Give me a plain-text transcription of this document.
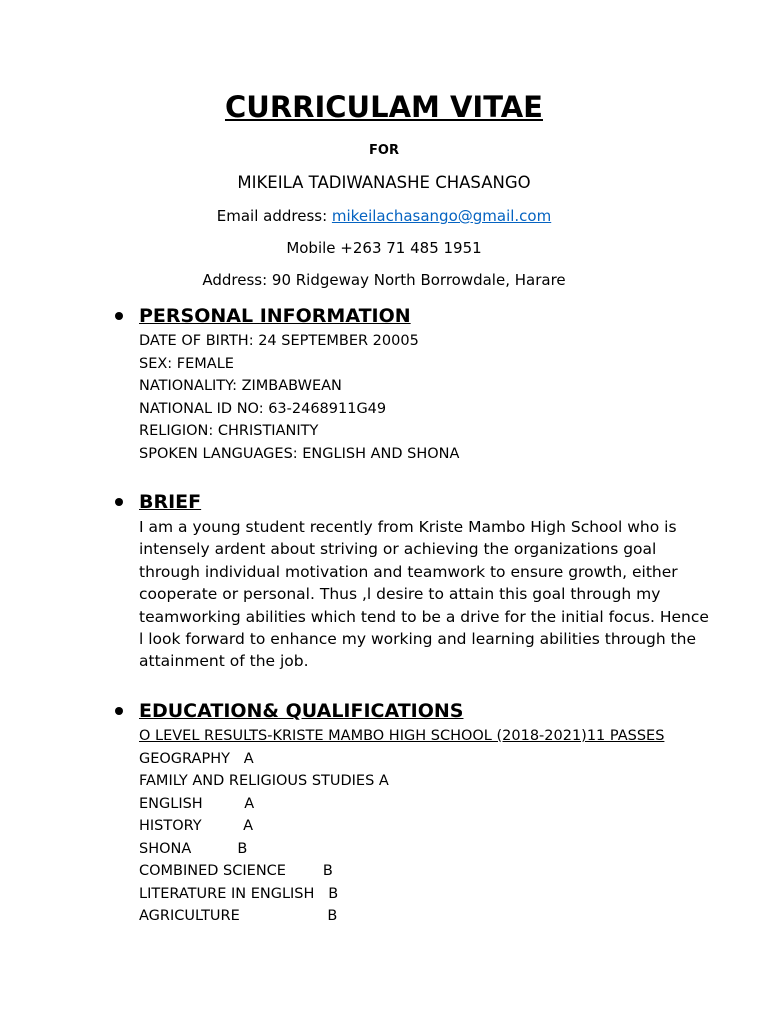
CURRICULAM VITAE
FOR
MIKEILA TADIWANASHE CHASANGO
Email address: mikeilachasango@gmail.com
Mobile +263 71 485 1951
Address: 90 Ridgeway North Borrowdale, Harare
PERSONAL INFORMATION
DATE OF BIRTH: 24 SEPTEMBER 20005
SEX: FEMALE
NATIONALITY: ZIMBABWEAN
NATIONAL ID NO: 63-2468911G49
RELIGION: CHRISTIANITY
SPOKEN LANGUAGES: ENGLISH AND SHONA
BRIEF
I am a young student recently from Kriste Mambo High School who is
intensely ardent about striving or achieving the organizations goal
through individual motivation and teamwork to ensure growth, either
cooperate or personal. Thus ,l desire to attain this goal through my
teamworking abilities which tend to be a drive for the initial focus. Hence
l look forward to enhance my working and learning abilities through the
attainment of the job.
EDUCATION& QUALIFICATIONS
O LEVEL RESULTS-KRISTE MAMBO HIGH SCHOOL (2018-2021)11 PASSES
GEOGRAPHY   A
FAMILY AND RELIGIOUS STUDIES A
ENGLISH         A
HISTORY         A
SHONA          B
COMBINED SCIENCE        B
LITERATURE IN ENGLISH   B
AGRICULTURE                   B
